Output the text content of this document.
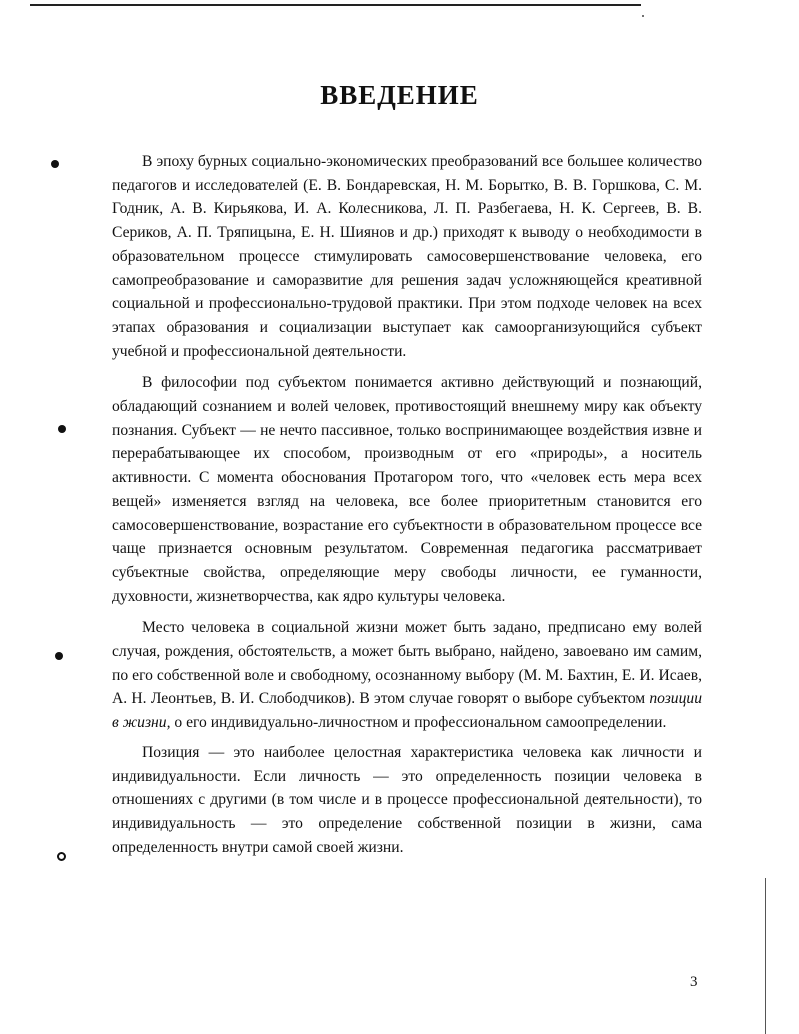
ВВЕДЕНИЕ

В эпоху бурных социально-экономических преобразований все большее количество педагогов и исследователей (Е. В. Бондаревская, Н. М. Борытко, В. В. Горшкова, С. М. Годник, А. В. Кирьякова, И. А. Колесникова, Л. П. Разбегаева, Н. К. Сергеев, В. В. Сериков, А. П. Тряпицына, Е. Н. Шиянов и др.) приходят к выводу о необходимости в образовательном процессе стимулировать самосовершенствование человека, его самопреобразование и саморазвитие для решения задач усложняющейся креативной социальной и профессионально-трудовой практики. При этом подходе человек на всех этапах образования и социализации выступает как самоорганизующийся субъект учебной и профессиональной деятельности.

В философии под субъектом понимается активно действующий и познающий, обладающий сознанием и волей человек, противостоящий внешнему миру как объекту познания. Субъект — не нечто пассивное, только воспринимающее воздействия извне и перерабатывающее их способом, производным от его «природы», а носитель активности. С момента обоснования Протагором того, что «человек есть мера всех вещей» изменяется взгляд на человека, все более приоритетным становится его самосовершенствование, возрастание его субъектности в образовательном процессе все чаще признается основным результатом. Современная педагогика рассматривает субъектные свойства, определяющие меру свободы личности, ее гуманности, духовности, жизнетворчества, как ядро культуры человека.

Место человека в социальной жизни может быть задано, предписано ему волей случая, рождения, обстоятельств, а может быть выбрано, найдено, завоевано им самим, по его собственной воле и свободному, осознанному выбору (М. М. Бахтин, Е. И. Исаев, А. Н. Леонтьев, В. И. Слободчиков). В этом случае говорят о выборе субъектом позиции в жизни, о его индивидуально-личностном и профессиональном самоопределении.

Позиция — это наиболее целостная характеристика человека как личности и индивидуальности. Если личность — это определенность позиции человека в отношениях с другими (в том числе и в процессе профессиональной деятельности), то индивидуальность — это определение собственной позиции в жизни, сама определенность внутри самой своей жизни.

3
